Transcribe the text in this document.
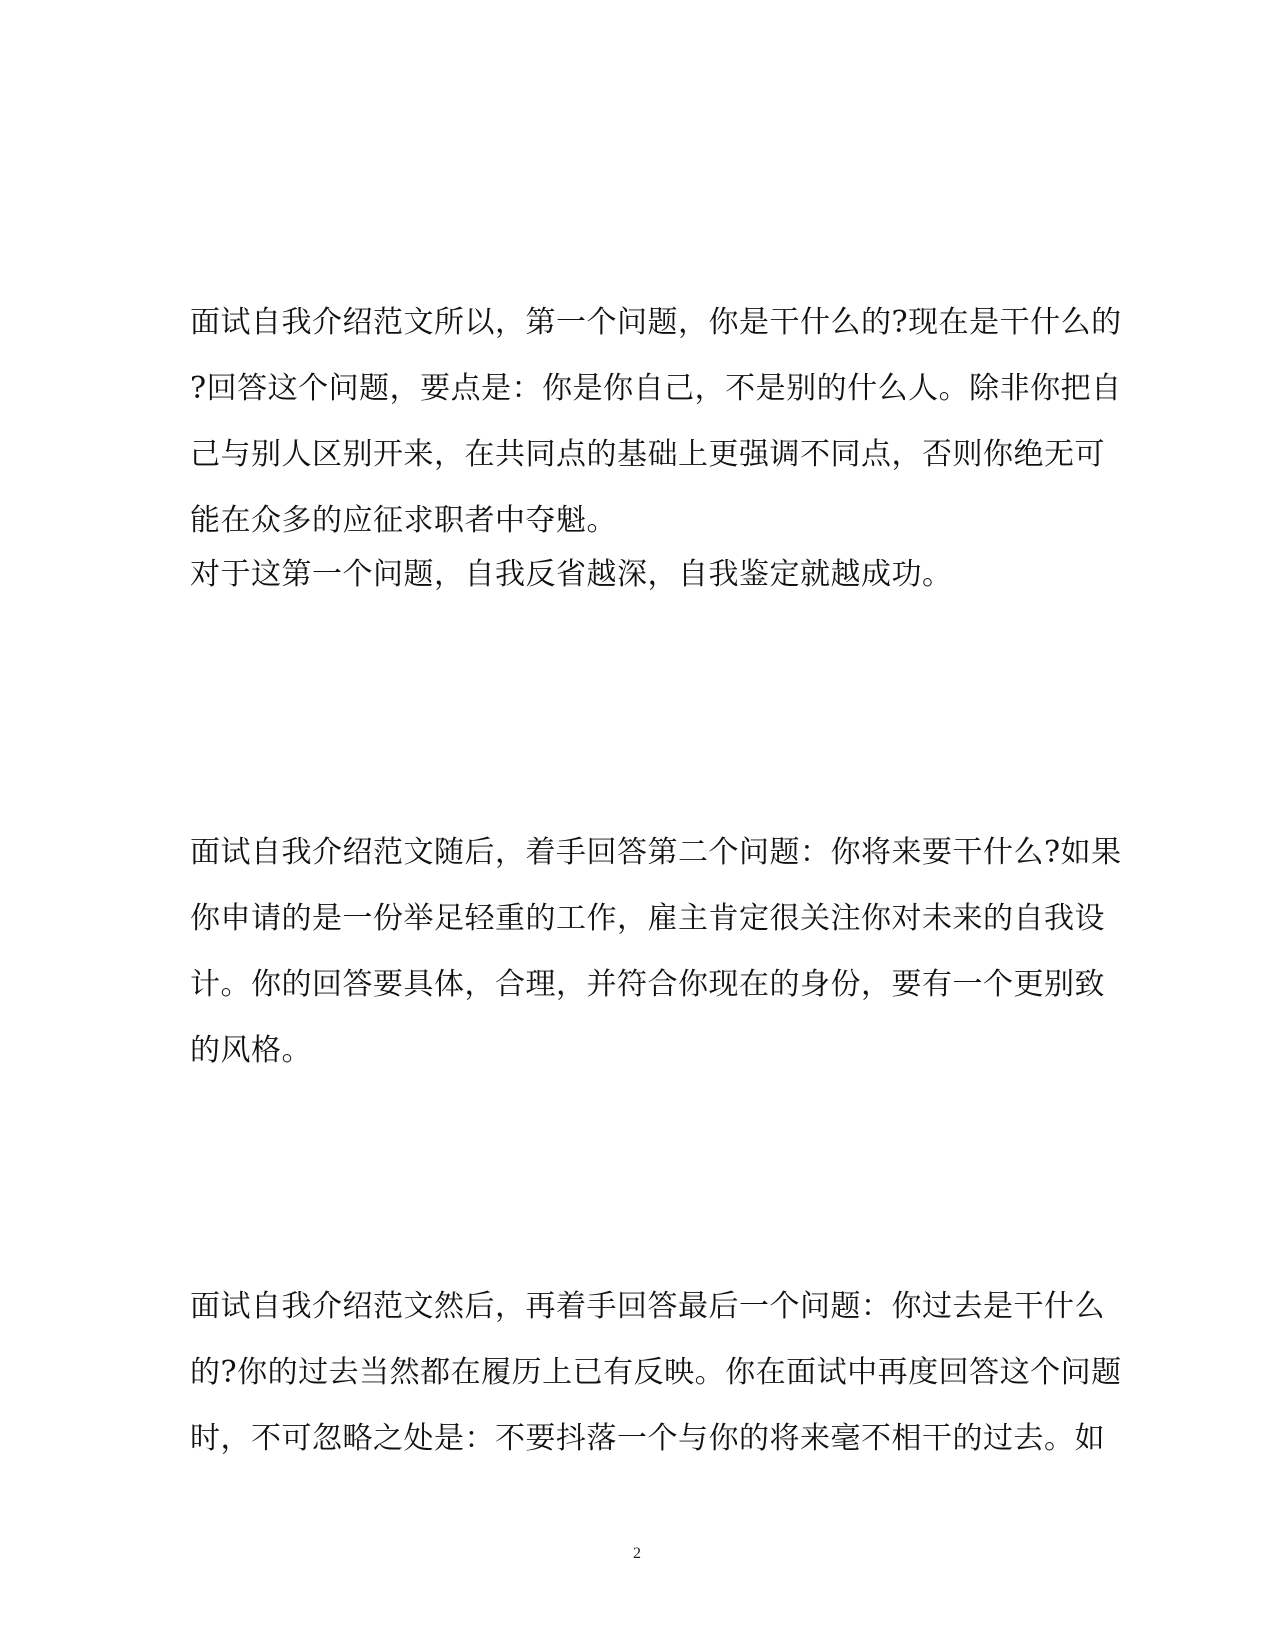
面试自我介绍范文所以，第一个问题，你是干什么的?现在是干什么的
?回答这个问题，要点是：你是你自己，不是别的什么人。除非你把自
己与别人区别开来，在共同点的基础上更强调不同点，否则你绝无可
能在众多的应征求职者中夺魁。
对于这第一个问题，自我反省越深，自我鉴定就越成功。
面试自我介绍范文随后，着手回答第二个问题：你将来要干什么?如果
你申请的是一份举足轻重的工作，雇主肯定很关注你对未来的自我设
计。你的回答要具体，合理，并符合你现在的身份，要有一个更别致
的风格。
面试自我介绍范文然后，再着手回答最后一个问题：你过去是干什么
的?你的过去当然都在履历上已有反映。你在面试中再度回答这个问题
时，不可忽略之处是：不要抖落一个与你的将来毫不相干的过去。如
2
